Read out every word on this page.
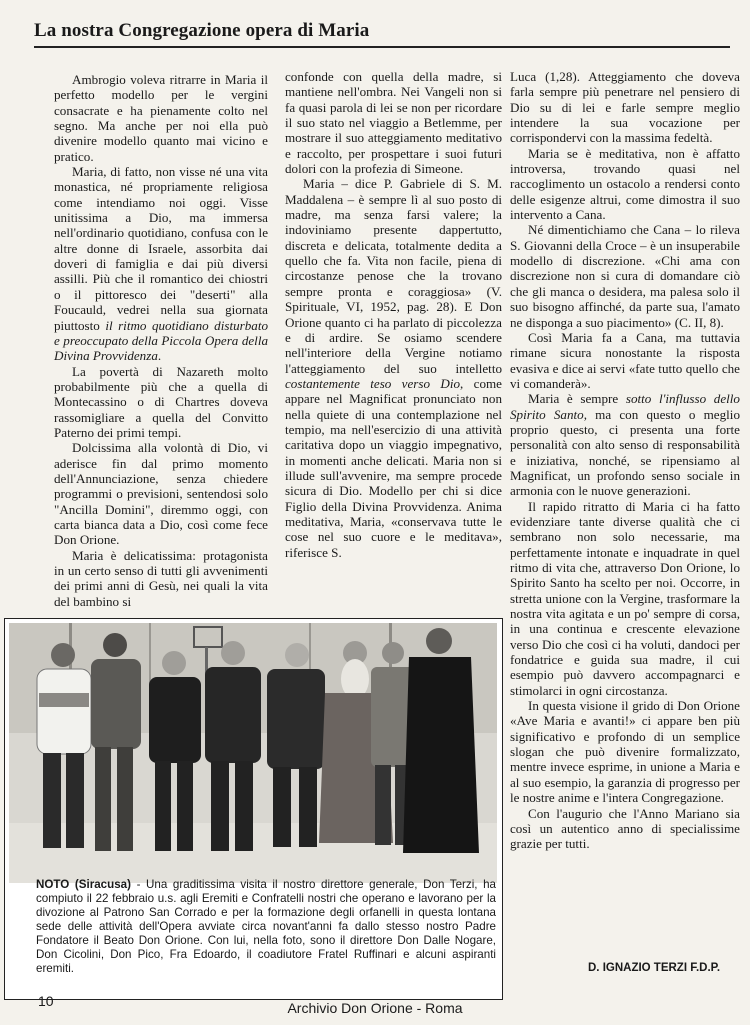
La nostra Congregazione opera di Maria

Ambrogio voleva ritrarre in Maria il perfetto modello per le vergini consacrate e ha pienamente colto nel segno. Ma anche per noi ella può divenire modello quanto mai vicino e pratico.

Maria, di fatto, non visse né una vita monastica, né propriamente religiosa come intendiamo noi oggi. Visse unitissima a Dio, ma immersa nell'ordinario quotidiano, confusa con le altre donne di Israele, assorbita dai doveri di famiglia e dai più diversi assilli. Più che il romantico dei chiostri o il pittoresco dei "deserti" alla Foucauld, vedrei nella sua giornata piuttosto il ritmo quotidiano disturbato e preoccupato della Piccola Opera della Divina Provvidenza.

La povertà di Nazareth molto probabilmente più che a quella di Montecassino o di Chartres doveva rassomigliare a quella del Convitto Paterno dei primi tempi.

Dolcissima alla volontà di Dio, vi aderisce fin dal primo momento dell'Annunciazione, senza chiedere programmi o previsioni, sentendosi solo "Ancilla Domini", diremmo oggi, con carta bianca data a Dio, così come fece Don Orione.

Maria è delicatissima: protagonista in un certo senso di tutti gli avvenimenti dei primi anni di Gesù, nei quali la vita del bambino si

confonde con quella della madre, si mantiene nell'ombra. Nei Vangeli non si fa quasi parola di lei se non per ricordare il suo stato nel viaggio a Betlemme, per mostrare il suo atteggiamento meditativo e raccolto, per prospettare i suoi futuri dolori con la profezia di Simeone.

Maria – dice P. Gabriele di S. M. Maddalena – è sempre lì al suo posto di madre, ma senza farsi valere; la indoviniamo presente dappertutto, discreta e delicata, totalmente dedita a quello che fa. Vita non facile, piena di circostanze penose che la trovano sempre pronta e coraggiosa» (V. Spirituale, VI, 1952, pag. 28). E Don Orione quanto ci ha parlato di piccolezza e di ardire. Se osiamo scendere nell'interiore della Vergine notiamo l'atteggiamento del suo intelletto costantemente teso verso Dio, come appare nel Magnificat pronunciato non nella quiete di una contemplazione nel tempio, ma nell'esercizio di una attività caritativa dopo un viaggio impegnativo, in momenti anche delicati. Maria non si illude sull'avvenire, ma sempre procede sicura di Dio. Modello per chi si dice Figlio della Divina Provvidenza. Anima meditativa, Maria, «conservava tutte le cose nel suo cuore e le meditava», riferisce S.

Luca (1,28). Atteggiamento che doveva farla sempre più penetrare nel pensiero di Dio su di lei e farle sempre meglio intendere la sua vocazione per corrispondervi con la massima fedeltà.

Maria se è meditativa, non è affatto introversa, trovando quasi nel raccoglimento un ostacolo a rendersi conto delle esigenze altrui, come dimostra il suo intervento a Cana.

Né dimentichiamo che Cana – lo rileva S. Giovanni della Croce – è un insuperabile modello di discrezione. «Chi ama con discrezione non si cura di domandare ciò che gli manca o desidera, ma palesa solo il suo bisogno affinché, da parte sua, l'amato ne disponga a suo piacimento» (C. II, 8).

Così Maria fa a Cana, ma tuttavia rimane sicura nonostante la risposta evasiva e dice ai servi «fate tutto quello che vi comanderà».

Maria è sempre sotto l'influsso dello Spirito Santo, ma con questo o meglio proprio questo, ci presenta una forte personalità con alto senso di responsabilità e iniziativa, nonché, se ripensiamo al Magnificat, un profondo senso sociale in armonia con le nuove generazioni.

Il rapido ritratto di Maria ci ha fatto evidenziare tante diverse qualità che ci sembrano non solo necessarie, ma perfettamente intonate e inquadrate in quel ritmo di vita che, attraverso Don Orione, lo Spirito Santo ha scelto per noi. Occorre, in stretta unione con la Vergine, trasformare la nostra vita agitata e un po' sempre di corsa, in una continua e crescente elevazione verso Dio che così ci ha voluti, dandoci per fondatrice e guida sua madre, il cui esempio può davvero accompagnarci e stimolarci in ogni circostanza.

In questa visione il grido di Don Orione «Ave Maria e avanti!» ci appare ben più significativo e profondo di un semplice slogan che può divenire formalizzato, mentre invece esprime, in unione a Maria e al suo esempio, la garanzia di progresso per le nostre anime e l'intera Congregazione.

Con l'augurio che l'Anno Mariano sia così un autentico anno di specialissime grazie per tutti.

D. IGNAZIO TERZI F.D.P.
NOTO (Siracusa) - Una graditissima visita il nostro direttore generale, Don Terzi, ha compiuto il 22 febbraio u.s. agli Eremiti e Confratelli nostri che operano e lavorano per la divozione al Patrono San Corrado e per la formazione degli orfanelli in questa lontana sede delle attività dell'Opera avviate circa novant'anni fa dallo stesso nostro Padre Fondatore il Beato Don Orione. Con lui, nella foto, sono il direttore Don Dalle Nogare, Don Cicolini, Don Pico, Fra Edoardo, il coadiutore Fratel Ruffinari e alcuni aspiranti eremiti.
10	Archivio Don Orione - Roma
